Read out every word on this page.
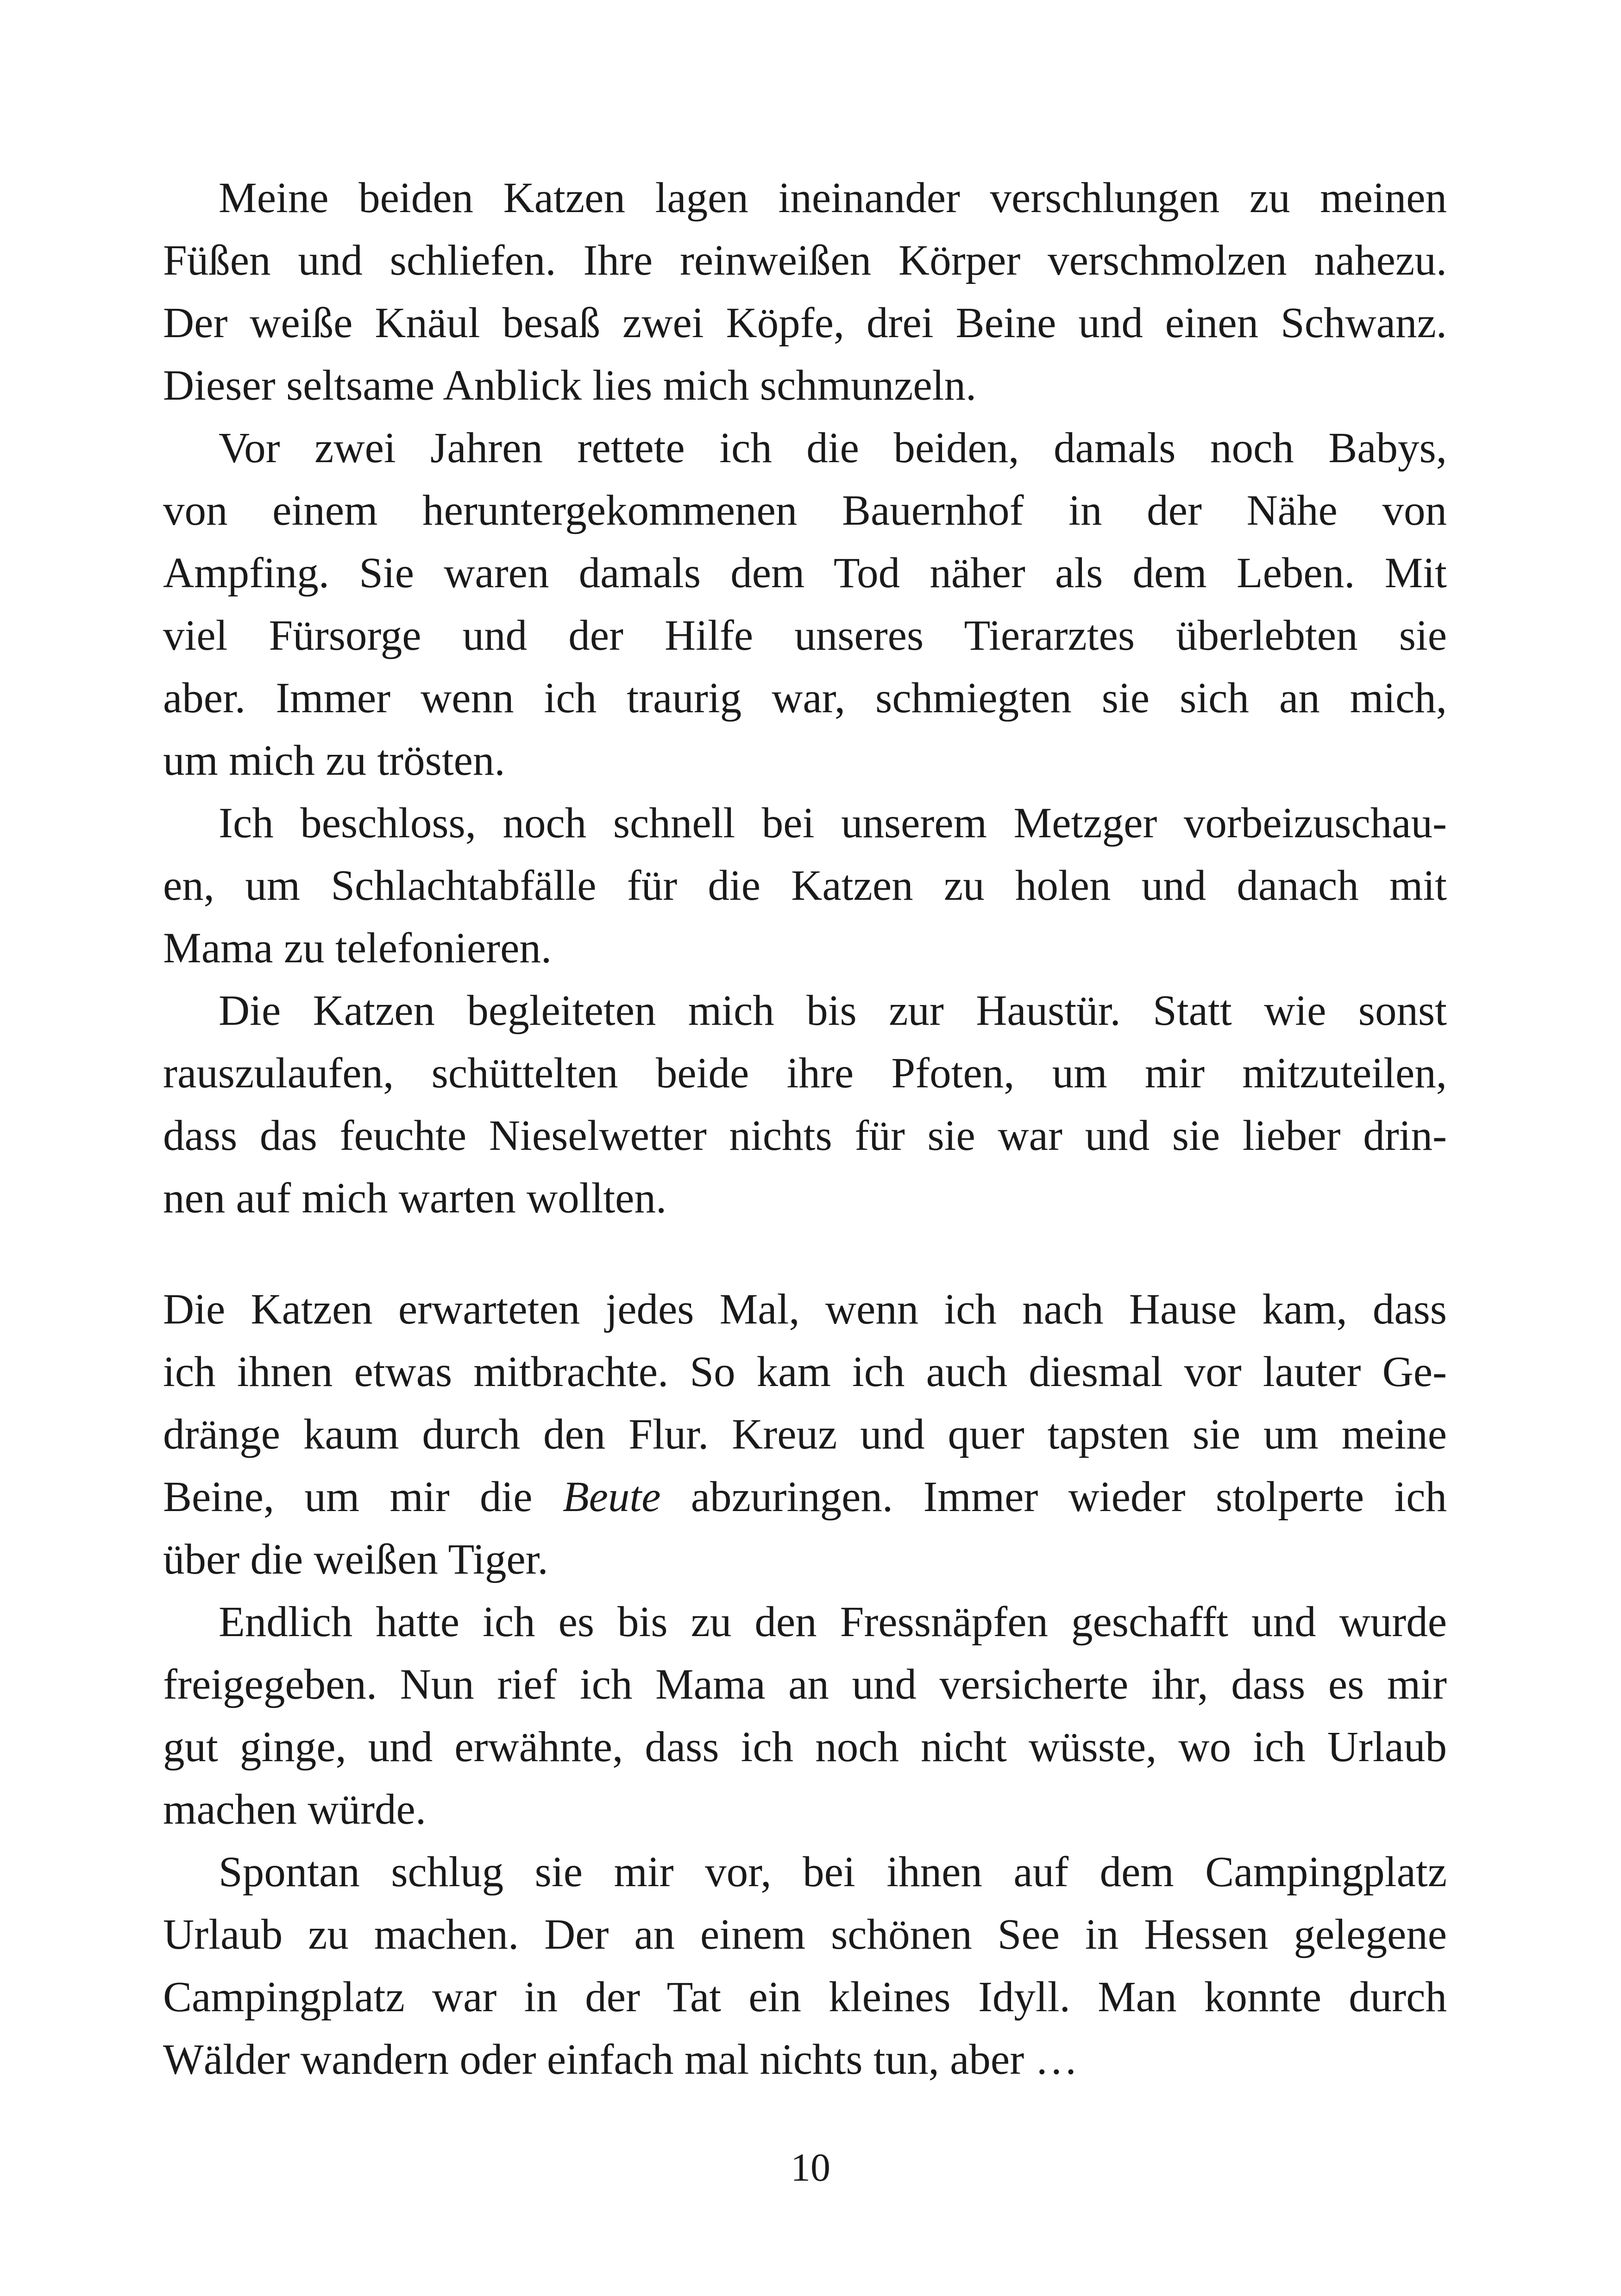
Meine beiden Katzen lagen ineinander verschlungen zu meinen

Füßen und schliefen. Ihre reinweißen Körper verschmolzen nahezu.

Der weiße Knäul besaß zwei Köpfe, drei Beine und einen Schwanz.

Dieser seltsame Anblick lies mich schmunzeln.

Vor zwei Jahren rettete ich die beiden, damals noch Babys,

von einem heruntergekommenen Bauernhof in der Nähe von

Ampfing. Sie waren damals dem Tod näher als dem Leben. Mit

viel Fürsorge und der Hilfe unseres Tierarztes überlebten sie

aber. Immer wenn ich traurig war, schmiegten sie sich an mich,

um mich zu trösten.

Ich beschloss, noch schnell bei unserem Metzger vorbeizuschau-

en, um Schlachtabfälle für die Katzen zu holen und danach mit

Mama zu telefonieren.

Die Katzen begleiteten mich bis zur Haustür. Statt wie sonst

rauszulaufen, schüttelten beide ihre Pfoten, um mir mitzuteilen,

dass das feuchte Nieselwetter nichts für sie war und sie lieber drin-

nen auf mich warten wollten.

Die Katzen erwarteten jedes Mal, wenn ich nach Hause kam, dass

ich ihnen etwas mitbrachte. So kam ich auch diesmal vor lauter Ge-

dränge kaum durch den Flur. Kreuz und quer tapsten sie um meine

Beine, um mir die Beute abzuringen. Immer wieder stolperte ich

über die weißen Tiger.

Endlich hatte ich es bis zu den Fressnäpfen geschafft und wurde

freigegeben. Nun rief ich Mama an und versicherte ihr, dass es mir

gut ginge, und erwähnte, dass ich noch nicht wüsste, wo ich Urlaub

machen würde.

Spontan schlug sie mir vor, bei ihnen auf dem Campingplatz

Urlaub zu machen. Der an einem schönen See in Hessen gelegene

Campingplatz war in der Tat ein kleines Idyll. Man konnte durch

Wälder wandern oder einfach mal nichts tun, aber …

10
